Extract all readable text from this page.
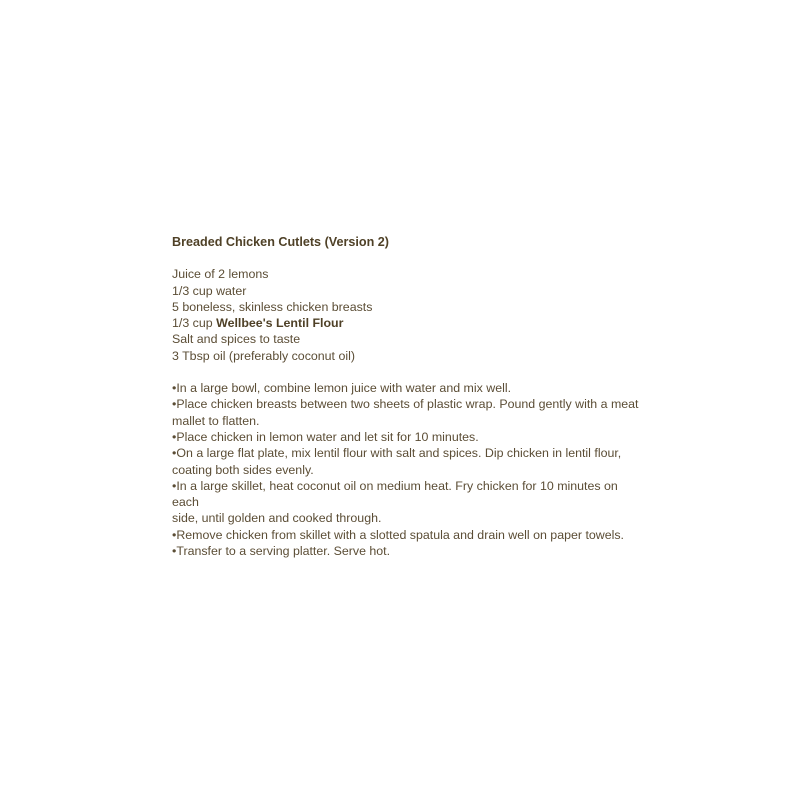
Breaded Chicken Cutlets (Version 2)
Juice of 2 lemons
1/3 cup water
5 boneless, skinless chicken breasts
1/3 cup Wellbee's Lentil Flour
Salt and spices to taste
3 Tbsp oil (preferably coconut oil)
• In a large bowl, combine lemon juice with water and mix well.
• Place chicken breasts between two sheets of plastic wrap. Pound gently with a meat
mallet to flatten.
• Place chicken in lemon water and let sit for 10 minutes.
• On a large flat plate, mix lentil flour with salt and spices. Dip chicken in lentil flour,
coating both sides evenly.
• In a large skillet, heat coconut oil on medium heat. Fry chicken for 10 minutes on
each
side, until golden and cooked through.
• Remove chicken from skillet with a slotted spatula and drain well on paper towels.
• Transfer to a serving platter. Serve hot.
